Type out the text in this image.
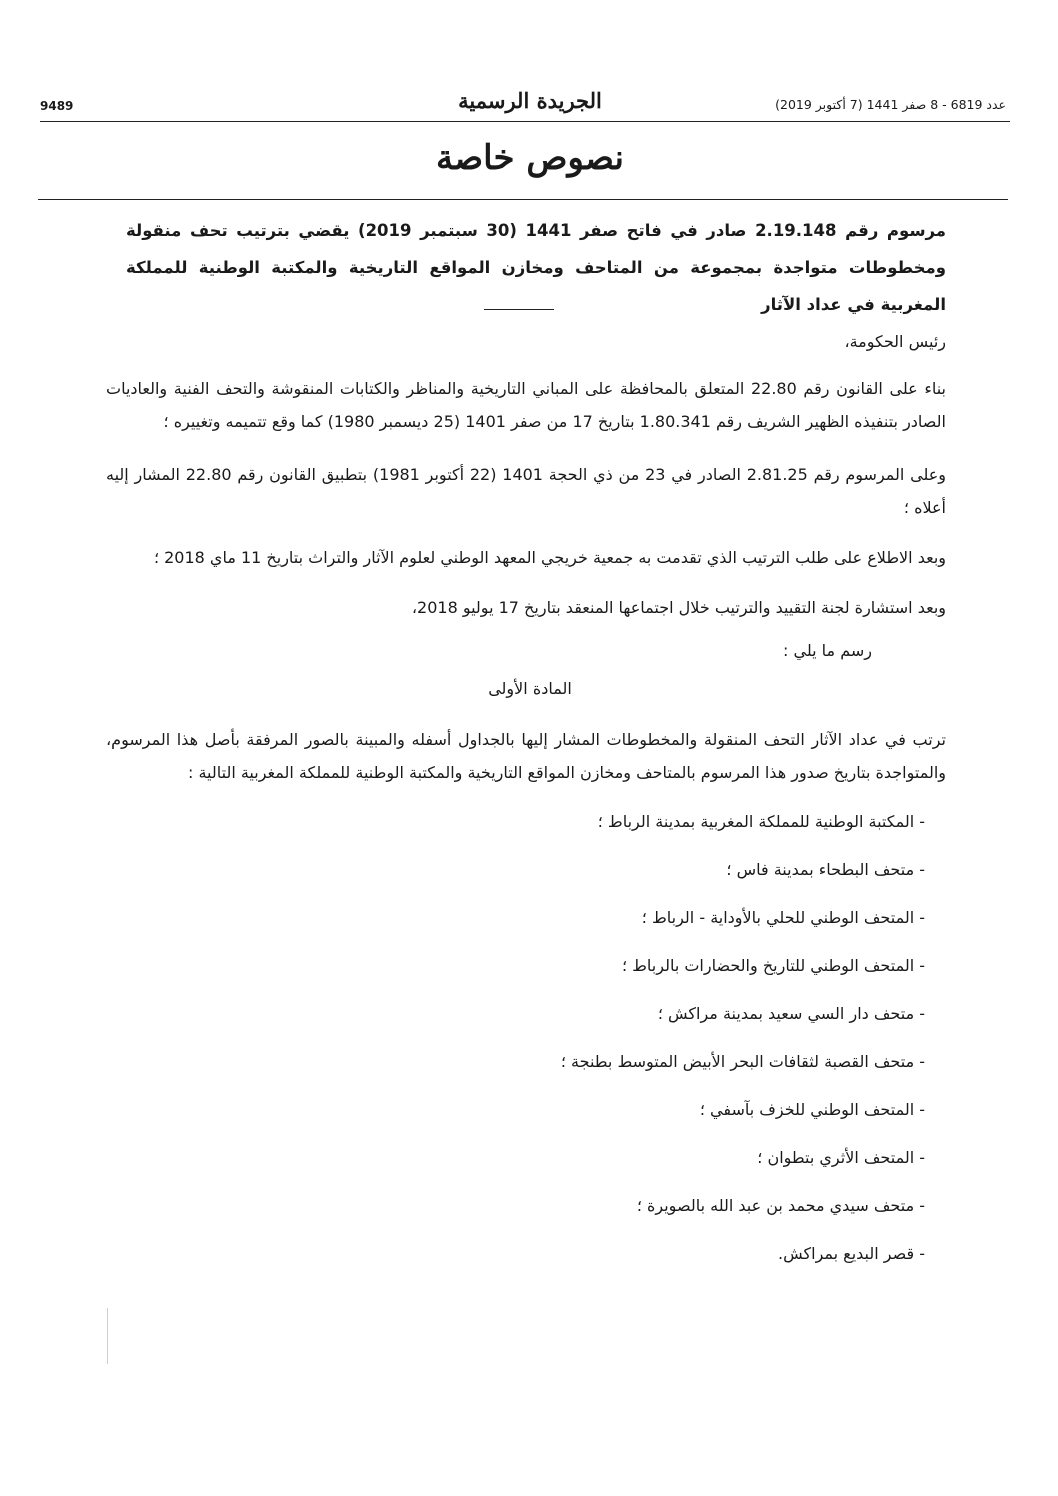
9489	الجريدة الرسمية	عدد 6819 - 8 صفر 1441 (7 أكتوبر 2019)
نصوص خاصة
مرسوم رقم 2.19.148 صادر في فاتح صفر 1441 (30 سبتمبر 2019) يقضي بترتيب تحف منقولة ومخطوطات متواجدة بمجموعة من المتاحف ومخازن المواقع التاريخية والمكتبة الوطنية للمملكة المغربية في عداد الآثار
رئيس الحكومة،
بناء على القانون رقم 22.80 المتعلق بالمحافظة على المباني التاريخية والمناظر والكتابات المنقوشة والتحف الفنية والعاديات الصادر بتنفيذه الظهير الشريف رقم 1.80.341 بتاريخ 17 من صفر 1401 (25 ديسمبر 1980) كما وقع تتميمه وتغييره ؛
وعلى المرسوم رقم 2.81.25 الصادر في 23 من ذي الحجة 1401 (22 أكتوبر 1981) بتطبيق القانون رقم 22.80 المشار إليه أعلاه ؛
وبعد الاطلاع على طلب الترتيب الذي تقدمت به جمعية خريجي المعهد الوطني لعلوم الآثار والتراث بتاريخ 11 ماي 2018 ؛
وبعد استشارة لجنة التقييد والترتيب خلال اجتماعها المنعقد بتاريخ 17 يوليو 2018،
رسم ما يلي :
المادة الأولى
ترتب في عداد الآثار التحف المنقولة والمخطوطات المشار إليها بالجداول أسفله والمبينة بالصور المرفقة بأصل هذا المرسوم، والمتواجدة بتاريخ صدور هذا المرسوم بالمتاحف ومخازن المواقع التاريخية والمكتبة الوطنية للمملكة المغربية التالية :
- المكتبة الوطنية للمملكة المغربية بمدينة الرباط ؛
- متحف البطحاء بمدينة فاس ؛
- المتحف الوطني للحلي بالأوداية - الرباط ؛
- المتحف الوطني للتاريخ والحضارات بالرباط ؛
- متحف دار السي سعيد بمدينة مراكش ؛
- متحف القصبة لثقافات البحر الأبيض المتوسط بطنجة ؛
- المتحف الوطني للخزف بآسفي ؛
- المتحف الأثري بتطوان ؛
- متحف سيدي محمد بن عبد الله بالصويرة ؛
- قصر البديع بمراكش.
